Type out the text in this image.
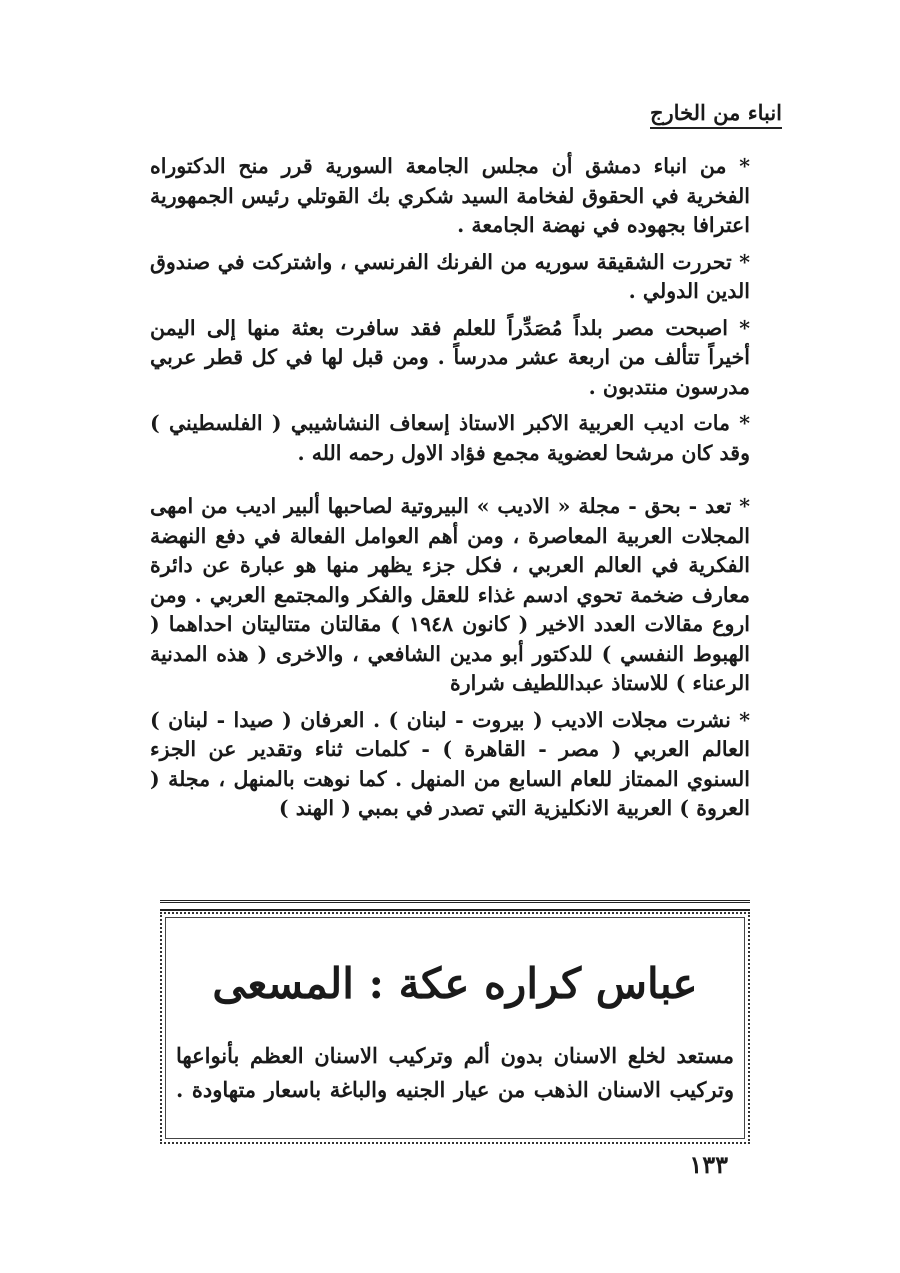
انباء من الخارج

* من انباء دمشق أن مجلس الجامعة السورية قرر منح الدكتوراه الفخرية في الحقوق لفخامة السيد شكري بك القوتلي رئيس الجمهورية اعترافا بجهوده في نهضة الجامعة .

* تحررت الشقيقة سوريه من الفرنك الفرنسي ، واشتركت في صندوق الدين الدولي .

* اصبحت مصر بلداً مُصَدِّراً للعلم فقد سافرت بعثة منها إلى اليمن أخيراً تتألف من اربعة عشر مدرساً . ومن قبل لها في كل قطر عربي مدرسون منتدبون .

* مات اديب العربية الاكبر الاستاذ إسعاف النشاشيبي ( الفلسطيني ) وقد كان مرشحا لعضوية مجمع فؤاد الاول رحمه الله .

* تعد - بحق - مجلة « الاديب » البيروتية لصاحبها ألبير اديب من امهى المجلات العربية المعاصرة ، ومن أهم العوامل الفعالة في دفع النهضة الفكرية في العالم العربي ، فكل جزء يظهر منها هو عبارة عن دائرة معارف ضخمة تحوي ادسم غذاء للعقل والفكر والمجتمع العربي . ومن اروع مقالات العدد الاخير ( كانون ١٩٤٨ ) مقالتان متتاليتان احداهما ( الهبوط النفسي ) للدكتور أبو مدين الشافعي ، والاخرى ( هذه المدنية الرعناء ) للاستاذ عبداللطيف شرارة

* نشرت مجلات الاديب ( بيروت - لبنان ) . العرفان ( صيدا - لبنان ) العالم العربي ( مصر - القاهرة ) - كلمات ثناء وتقدير عن الجزء السنوي الممتاز للعام السابع من المنهل . كما نوهت بالمنهل ، مجلة ( العروة ) العربية الانكليزية التي تصدر في بمبي ( الهند )

عباس كراره عكة : المسعى
مستعد لخلع الاسنان بدون ألم وتركيب الاسنان العظم بأنواعها
وتركيب الاسنان الذهب من عيار الجنيه والباغة باسعار متهاودة .
١٣٣
